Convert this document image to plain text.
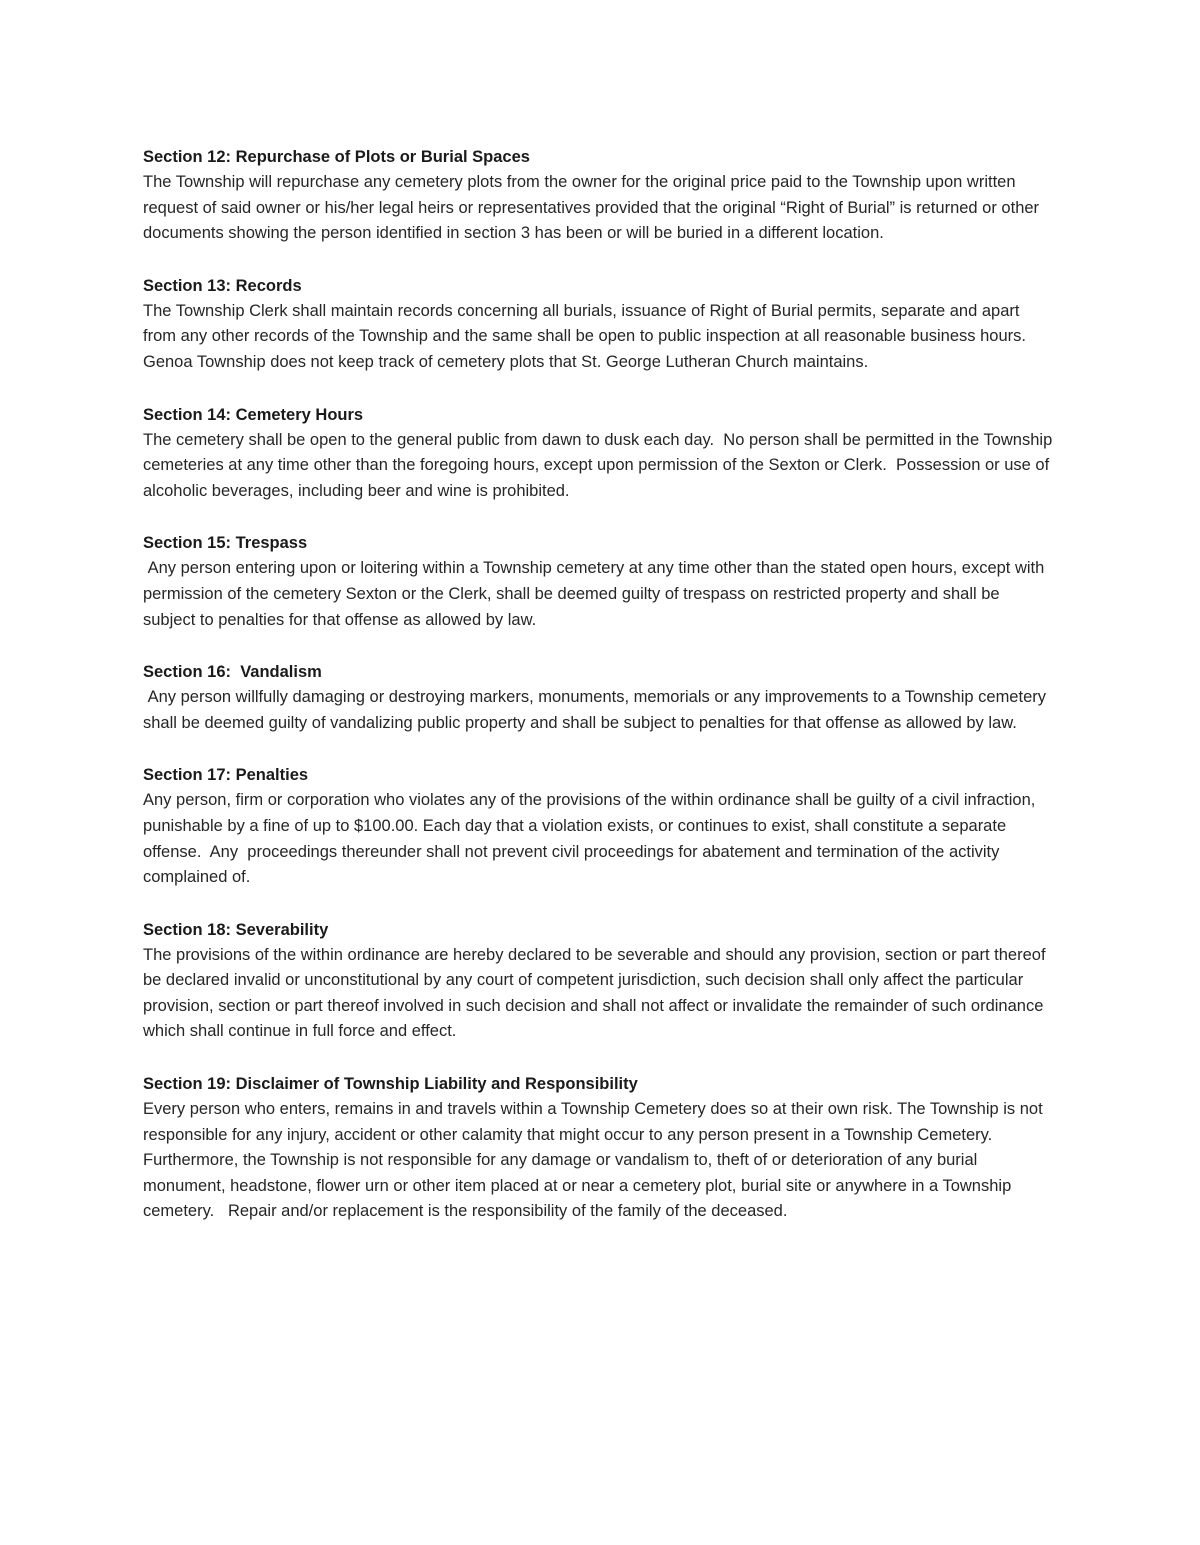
Section 12: Repurchase of Plots or Burial Spaces

The Township will repurchase any cemetery plots from the owner for the original price paid to the Township upon written request of said owner or his/her legal heirs or representatives provided that the original “Right of Burial” is returned or other documents showing the person identified in section 3 has been or will be buried in a different location.

Section 13: Records

The Township Clerk shall maintain records concerning all burials, issuance of Right of Burial permits, separate and apart from any other records of the Township and the same shall be open to public inspection at all reasonable business hours.  Genoa Township does not keep track of cemetery plots that St. George Lutheran Church maintains.

Section 14: Cemetery Hours

The cemetery shall be open to the general public from dawn to dusk each day.  No person shall be permitted in the Township cemeteries at any time other than the foregoing hours, except upon permission of the Sexton or Clerk.  Possession or use of alcoholic beverages, including beer and wine is prohibited.

Section 15: Trespass

Any person entering upon or loitering within a Township cemetery at any time other than the stated open hours, except with permission of the cemetery Sexton or the Clerk, shall be deemed guilty of trespass on restricted property and shall be subject to penalties for that offense as allowed by law.

Section 16:  Vandalism

Any person willfully damaging or destroying markers, monuments, memorials or any improvements to a Township cemetery shall be deemed guilty of vandalizing public property and shall be subject to penalties for that offense as allowed by law.

Section 17: Penalties

Any person, firm or corporation who violates any of the provisions of the within ordinance shall be guilty of a civil infraction, punishable by a fine of up to $100.00. Each day that a violation exists, or continues to exist, shall constitute a separate offense.  Any  proceedings thereunder shall not prevent civil proceedings for abatement and termination of the activity complained of.

Section 18: Severability

The provisions of the within ordinance are hereby declared to be severable and should any provision, section or part thereof be declared invalid or unconstitutional by any court of competent jurisdiction, such decision shall only affect the particular provision, section or part thereof involved in such decision and shall not affect or invalidate the remainder of such ordinance which shall continue in full force and effect.

Section 19: Disclaimer of Township Liability and Responsibility

Every person who enters, remains in and travels within a Township Cemetery does so at their own risk. The Township is not responsible for any injury, accident or other calamity that might occur to any person present in a Township Cemetery.  Furthermore, the Township is not responsible for any damage or vandalism to, theft of or deterioration of any burial monument, headstone, flower urn or other item placed at or near a cemetery plot, burial site or anywhere in a Township cemetery.   Repair and/or replacement is the responsibility of the family of the deceased.
